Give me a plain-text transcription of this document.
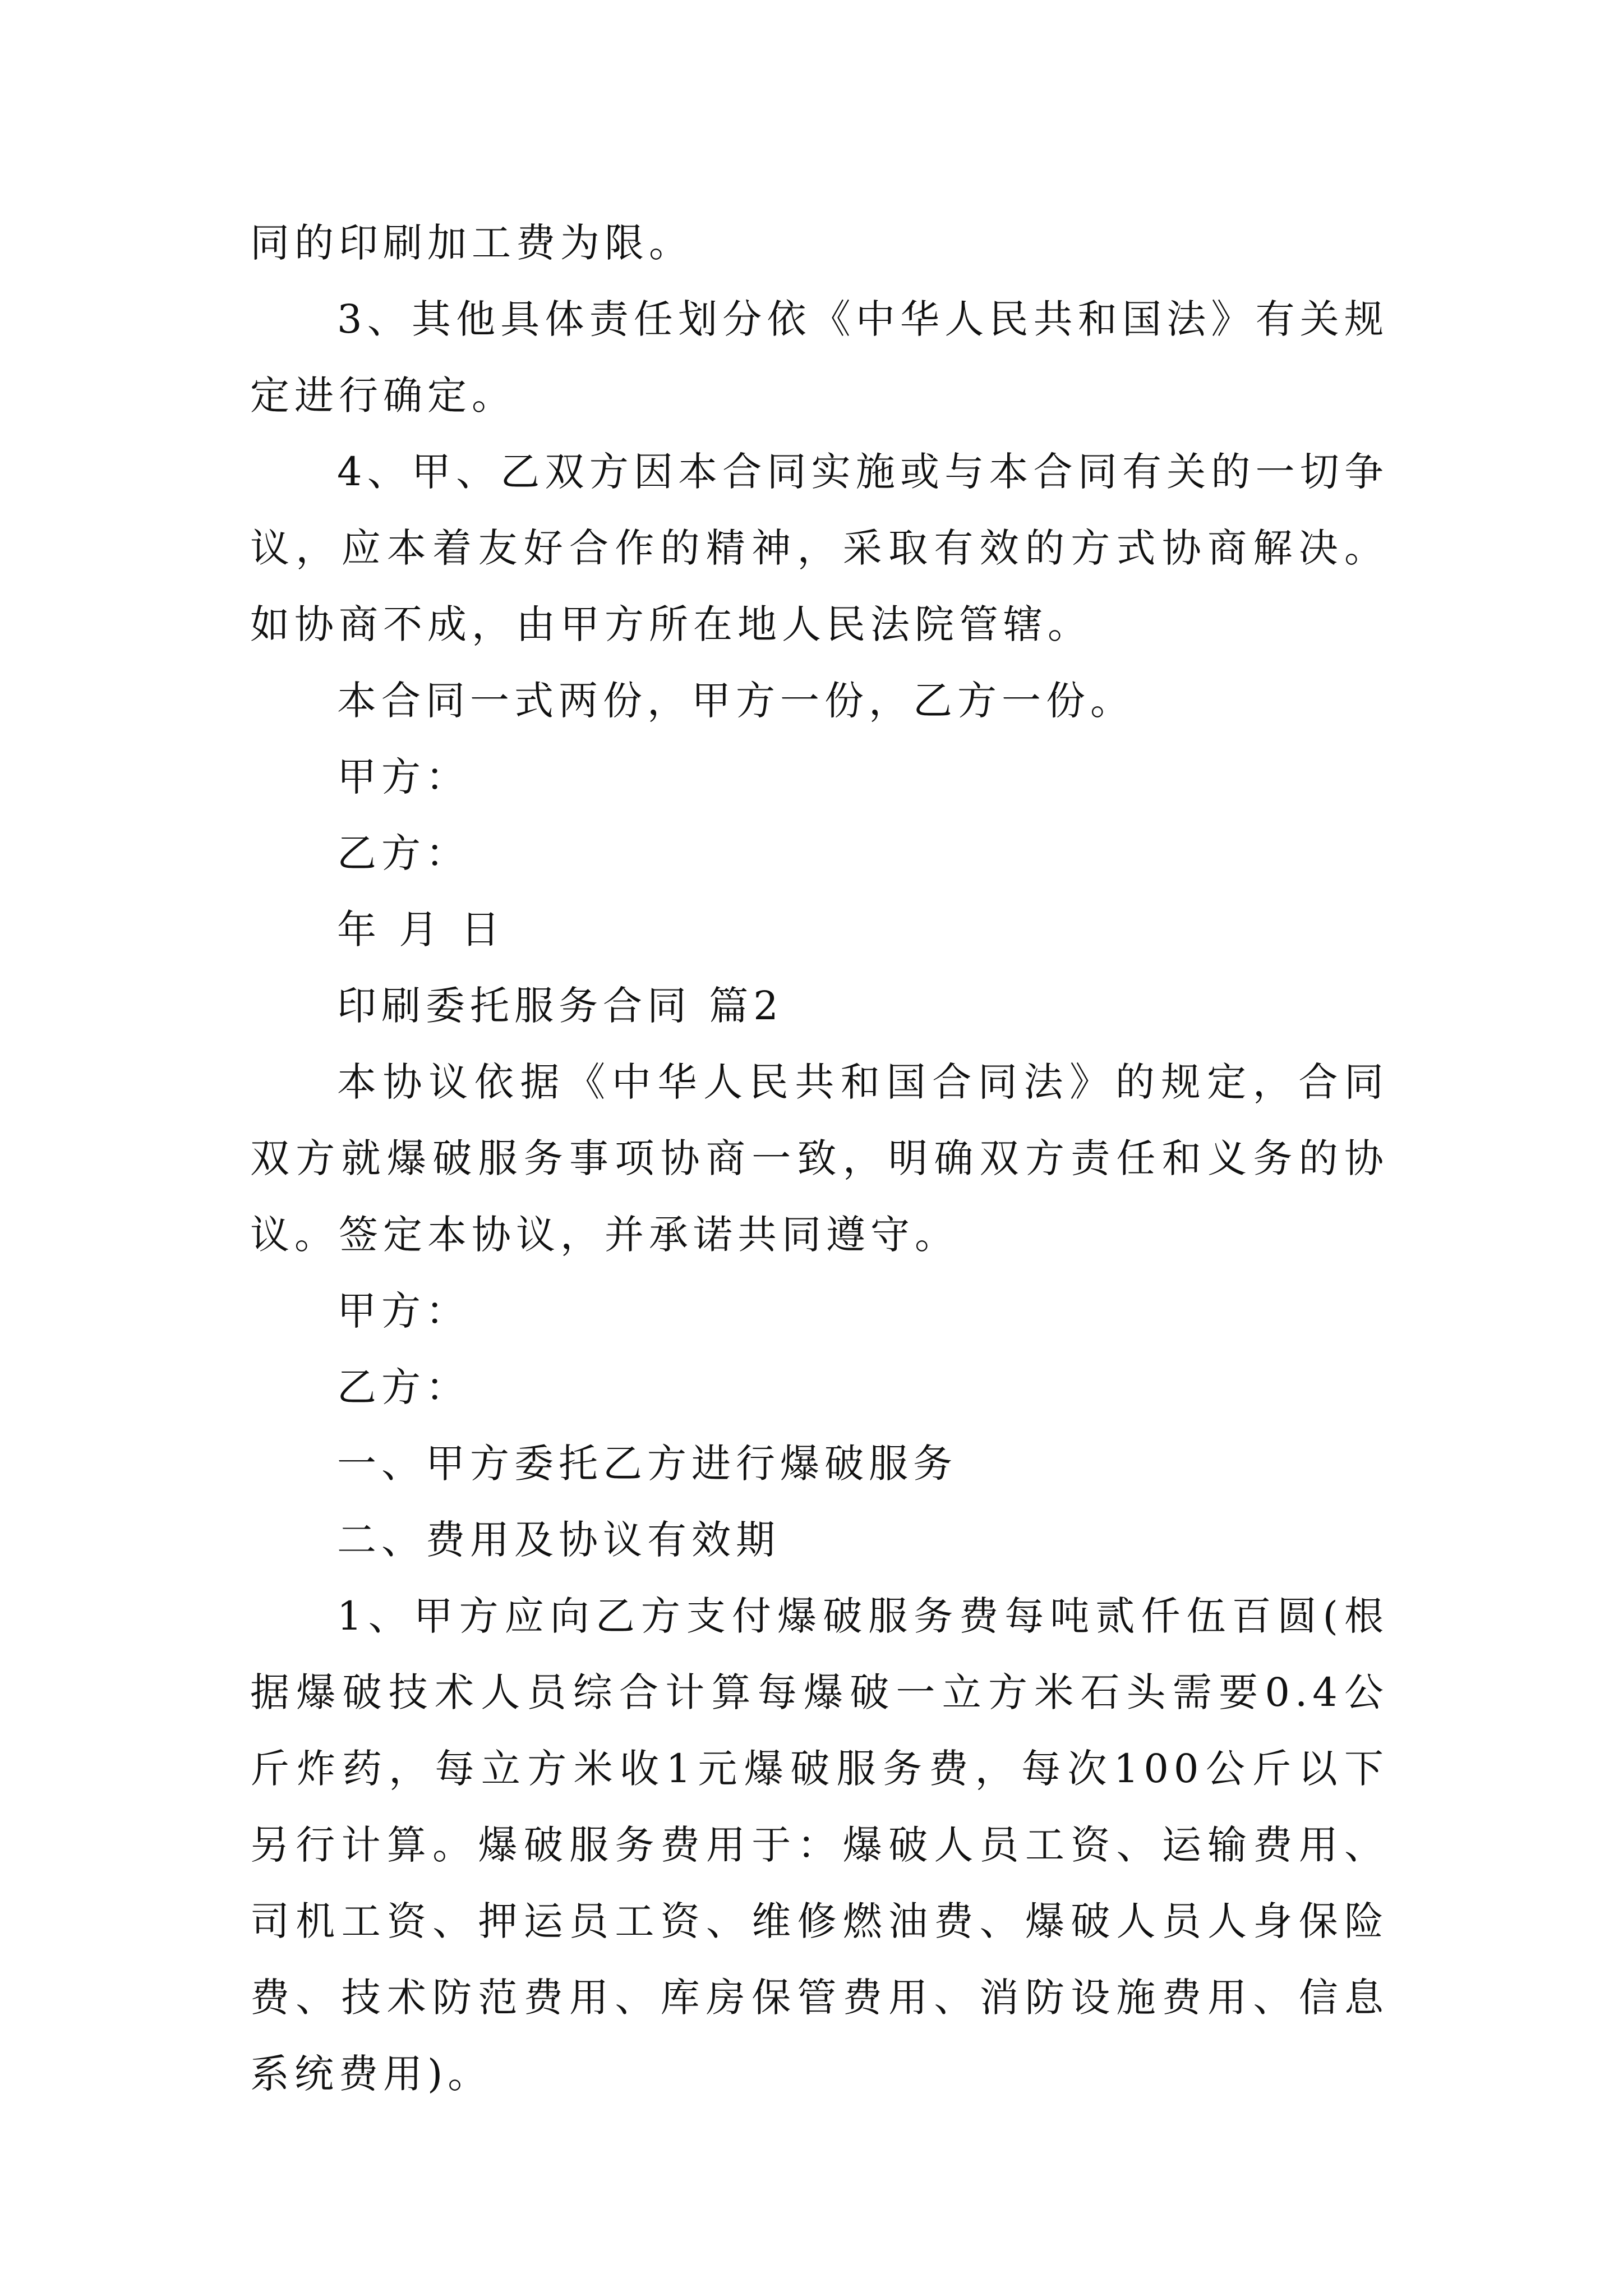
同的印刷加工费为限。

3、其他具体责任划分依《中华人民共和国法》有关规定进行确定。

4、甲、乙双方因本合同实施或与本合同有关的一切争议，应本着友好合作的精神，采取有效的方式协商解决。如协商不成，由甲方所在地人民法院管辖。

本合同一式两份，甲方一份，乙方一份。

甲方：

乙方：

年 月 日

印刷委托服务合同 篇2

本协议依据《中华人民共和国合同法》的规定，合同双方就爆破服务事项协商一致，明确双方责任和义务的协议。签定本协议，并承诺共同遵守。

甲方：

乙方：

一、甲方委托乙方进行爆破服务

二、费用及协议有效期

1、甲方应向乙方支付爆破服务费每吨贰仟伍百圆(根据爆破技术人员综合计算每爆破一立方米石头需要0.4公斤炸药，每立方米收1元爆破服务费，每次100公斤以下另行计算。爆破服务费用于：爆破人员工资、运输费用、司机工资、押运员工资、维修燃油费、爆破人员人身保险费、技术防范费用、库房保管费用、消防设施费用、信息系统费用)。
